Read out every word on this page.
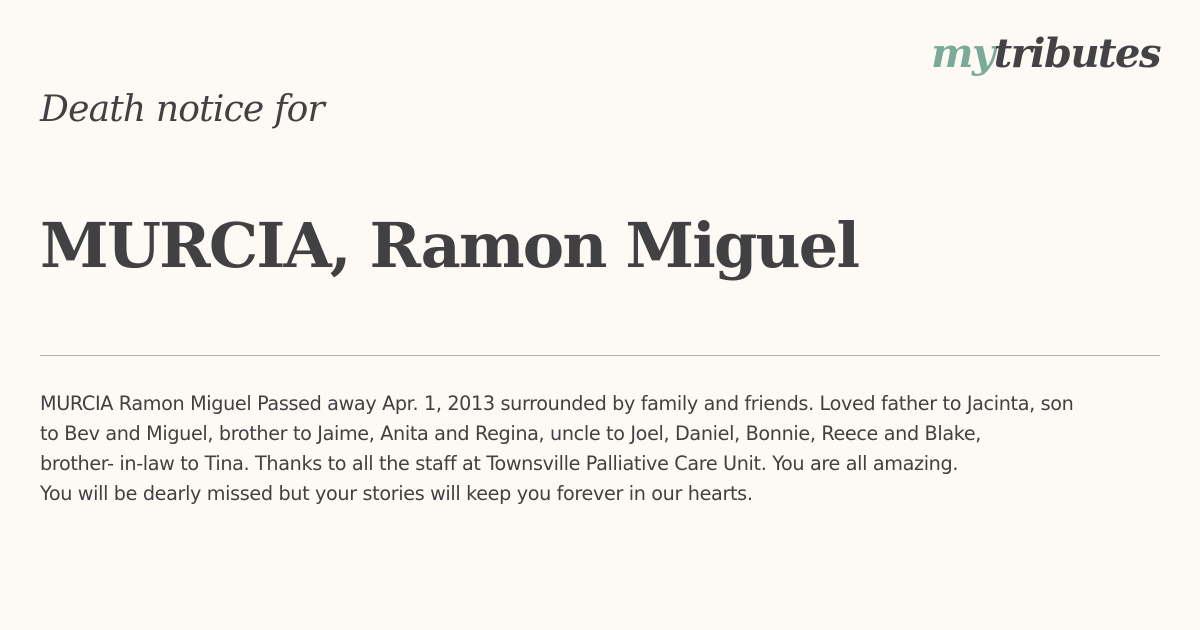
mytributes
Death notice for
MURCIA, Ramon Miguel

MURCIA Ramon Miguel Passed away Apr. 1, 2013 surrounded by family and friends. Loved father to Jacinta, son
to Bev and Miguel, brother to Jaime, Anita and Regina, uncle to Joel, Daniel, Bonnie, Reece and Blake,
brother- in-law to Tina. Thanks to all the staff at Townsville Palliative Care Unit. You are all amazing.
You will be dearly missed but your stories will keep you forever in our hearts.
